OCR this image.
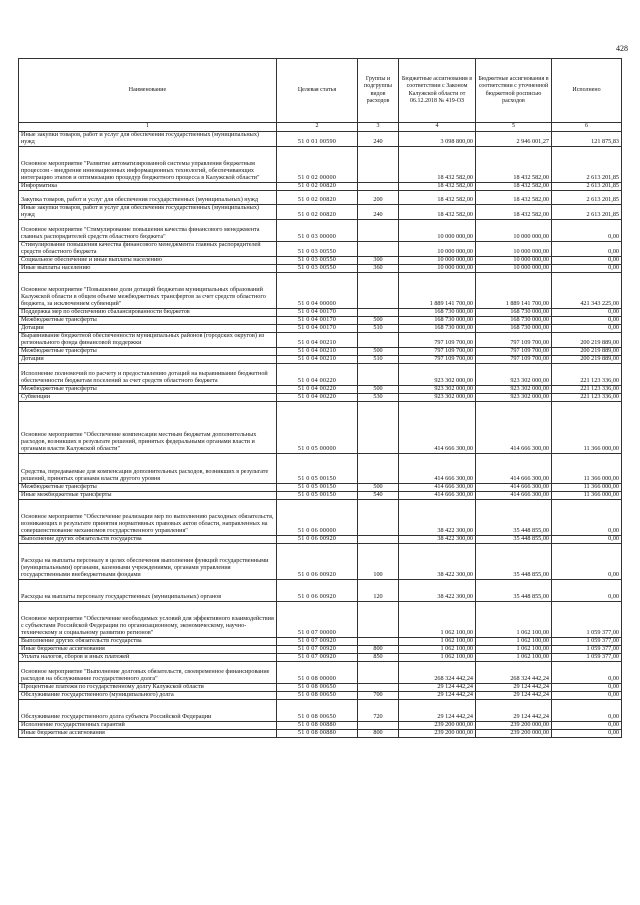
428
Наименование	Целевая статья	Группы и подгруппы видов расходов	Бюджетные ассигнования в соответствии с Законом Калужской области от 06.12.2018 № 419-ОЗ	Бюджетные ассигнования в соответствии с уточненной бюджетной росписью расходов	Исполнено
1	2	3	4	5	6
Иные закупки товаров, работ и услуг для обеспечения государственных (муниципальных) нужд	51 0 01 00590	240	3 098 800,00	2 946 001,27	121 875,83
Основное мероприятие "Развитие автоматизированной системы управления бюджетным процессом - внедрение инновационных информационных технологий, обеспечивающих интеграцию этапов и оптимизацию процедур бюджетного процесса в Калужской области"	51 0 02 00000		18 432 582,00	18 432 582,00	2 613 201,85
Информатика	51 0 02 00820		18 432 582,00	18 432 582,00	2 613 201,85
Закупка товаров, работ и услуг для обеспечения государственных (муниципальных) нужд	51 0 02 00820	200	18 432 582,00	18 432 582,00	2 613 201,85
Иные закупки товаров, работ и услуг для обеспечения государственных (муниципальных) нужд	51 0 02 00820	240	18 432 582,00	18 432 582,00	2 613 201,85
Основное мероприятие "Стимулирование повышения качества финансового менеджмента главных распорядителей средств областного бюджета"	51 0 03 00000		10 000 000,00	10 000 000,00	0,00
Стимулирование повышения качества финансового менеджмента главных распорядителей средств областного бюджета	51 0 03 00550		10 000 000,00	10 000 000,00	0,00
Социальное обеспечение и иные выплаты населению	51 0 03 00550	300	10 000 000,00	10 000 000,00	0,00
Иные выплаты населению	51 0 03 00550	360	10 000 000,00	10 000 000,00	0,00
Основное мероприятие "Повышение доли дотаций бюджетам муниципальных образований Калужской области в общем объеме межбюджетных трансфертов за счет средств областного бюджета, за исключением субвенций"	51 0 04 00000		1 889 141 700,00	1 889 141 700,00	421 343 225,00
Поддержка мер по обеспечению сбалансированности бюджетов	51 0 04 00170		168 730 000,00	168 730 000,00	0,00
Межбюджетные трансферты	51 0 04 00170	500	168 730 000,00	168 730 000,00	0,00
Дотации	51 0 04 00170	510	168 730 000,00	168 730 000,00	0,00
Выравнивание бюджетной обеспеченности муниципальных районов (городских округов) из регионального фонда финансовой поддержки	51 0 04 00210		797 109 700,00	797 109 700,00	200 219 889,00
Межбюджетные трансферты	51 0 04 00210	500	797 109 700,00	797 109 700,00	200 219 889,00
Дотации	51 0 04 00210	510	797 109 700,00	797 109 700,00	200 219 889,00
Исполнение полномочий по расчету и предоставлению дотаций на выравнивание бюджетной обеспеченности бюджетам поселений за счет средств областного бюджета	51 0 04 00220		923 302 000,00	923 302 000,00	221 123 336,00
Межбюджетные трансферты	51 0 04 00220	500	923 302 000,00	923 302 000,00	221 123 336,00
Субвенции	51 0 04 00220	530	923 302 000,00	923 302 000,00	221 123 336,00
Основное мероприятие "Обеспечение компенсации местным бюджетам дополнительных расходов, возникших в результате решений, принятых федеральными органами власти и органами власти Калужской области"	51 0 05 00000		414 666 300,00	414 666 300,00	11 366 000,00
Средства, передаваемые для компенсации дополнительных расходов, возникших в результате решений, принятых органами власти другого уровня	51 0 05 00150		414 666 300,00	414 666 300,00	11 366 000,00
Межбюджетные трансферты	51 0 05 00150	500	414 666 300,00	414 666 300,00	11 366 000,00
Иные межбюджетные трансферты	51 0 05 00150	540	414 666 300,00	414 666 300,00	11 366 000,00
Основное мероприятие "Обеспечение реализации мер по выполнению расходных обязательств, возникающих в результате принятия нормативных правовых актов области, направленных на совершенствование механизмов государственного управления"	51 0 06 00000		38 422 300,00	35 448 855,00	0,00
Выполнение других обязательств государства	51 0 06 00920		38 422 300,00	35 448 855,00	0,00
Расходы на выплаты персоналу в целях обеспечения выполнения функций государственными (муниципальными) органами, казенными учреждениями, органами управления государственными внебюджетными фондами	51 0 06 00920	100	38 422 300,00	35 448 855,00	0,00
Расходы на выплаты персоналу государственных (муниципальных) органов	51 0 06 00920	120	38 422 300,00	35 448 855,00	0,00
Основное мероприятие "Обеспечение необходимых условий для эффективного взаимодействия с субъектами Российской Федерации по организационному, экономическому, научно-техническому и социальному развитию регионов"	51 0 07 00000		1 062 100,00	1 062 100,00	1 059 377,00
Выполнение других обязательств государства	51 0 07 00920		1 062 100,00	1 062 100,00	1 059 377,00
Иные бюджетные ассигнования	51 0 07 00920	800	1 062 100,00	1 062 100,00	1 059 377,00
Уплата налогов, сборов и иных платежей	51 0 07 00920	850	1 062 100,00	1 062 100,00	1 059 377,00
Основное мероприятие "Выполнение долговых обязательств, своевременное финансирование расходов на обслуживание государственного долга"	51 0 08 00000		268 324 442,24	268 324 442,24	0,00
Процентные платежи по государственному долгу Калужской области	51 0 08 00650		29 124 442,24	29 124 442,24	0,00
Обслуживание государственного (муниципального) долга	51 0 08 00650	700	29 124 442,24	29 124 442,24	0,00
Обслуживание государственного долга субъекта Российской Федерации	51 0 08 00650	720	29 124 442,24	29 124 442,24	0,00
Исполнение государственных гарантий	51 0 08 00880		239 200 000,00	239 200 000,00	0,00
Иные бюджетные ассигнования	51 0 08 00880	800	239 200 000,00	239 200 000,00	0,00
